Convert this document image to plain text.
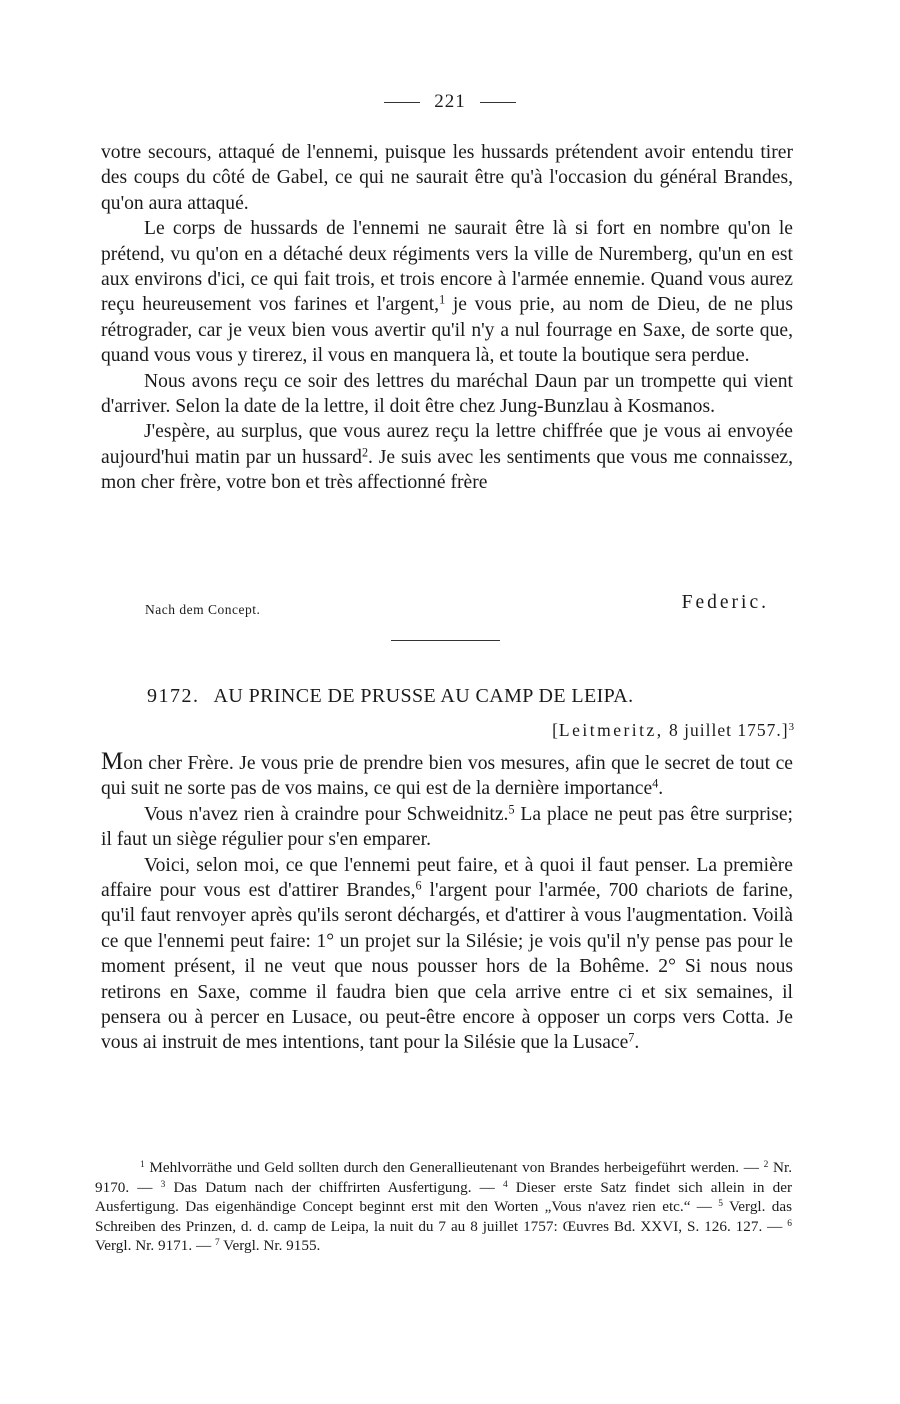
221
votre secours, attaqué de l'ennemi, puisque les hussards prétendent avoir entendu tirer des coups du côté de Gabel, ce qui ne saurait être qu'à l'occasion du général Brandes, qu'on aura attaqué.
Le corps de hussards de l'ennemi ne saurait être là si fort en nombre qu'on le prétend, vu qu'on en a détaché deux régiments vers la ville de Nuremberg, qu'un en est aux environs d'ici, ce qui fait trois, et trois encore à l'armée ennemie. Quand vous aurez reçu heureusement vos farines et l'argent,$^1$ je vous prie, au nom de Dieu, de ne plus rétrograder, car je veux bien vous avertir qu'il n'y a nul fourrage en Saxe, de sorte que, quand vous vous y tirerez, il vous en manquera là, et toute la boutique sera perdue.
Nous avons reçu ce soir des lettres du maréchal Daun par un trompette qui vient d'arriver. Selon la date de la lettre, il doit être chez Jung-Bunzlau à Kosmanos.
J'espère, au surplus, que vous aurez reçu la lettre chiffrée que je vous ai envoyée aujourd'hui matin par un hussard$^2$. Je suis avec les sentiments que vous me connaissez, mon cher frère, votre bon et très affectionné frère
Nach dem Concept.	Federic.
9172. AU PRINCE DE PRUSSE AU CAMP DE LEIPA.
[Leitmeritz, 8 juillet 1757.]$^3$
Mon cher Frère. Je vous prie de prendre bien vos mesures, afin que le secret de tout ce qui suit ne sorte pas de vos mains, ce qui est de la dernière importance$^4$.
Vous n'avez rien à craindre pour Schweidnitz.$^5$ La place ne peut pas être surprise; il faut un siège régulier pour s'en emparer.
Voici, selon moi, ce que l'ennemi peut faire, et à quoi il faut penser. La première affaire pour vous est d'attirer Brandes,$^6$ l'argent pour l'armée, 700 chariots de farine, qu'il faut renvoyer après qu'ils seront déchargés, et d'attirer à vous l'augmentation. Voilà ce que l'ennemi peut faire: 1° un projet sur la Silésie; je vois qu'il n'y pense pas pour le moment présent, il ne veut que nous pousser hors de la Bohême. 2° Si nous nous retirons en Saxe, comme il faudra bien que cela arrive entre ci et six semaines, il pensera ou à percer en Lusace, ou peut-être encore à opposer un corps vers Cotta. Je vous ai instruit de mes intentions, tant pour la Silésie que la Lusace$^7$.
$^1$ Mehlvorräthe und Geld sollten durch den Generallieutenant von Brandes herbeigeführt werden. — $^2$ Nr. 9170. — $^3$ Das Datum nach der chiffrirten Ausfertigung. — $^4$ Dieser erste Satz findet sich allein in der Ausfertigung. Das eigenhändige Concept beginnt erst mit den Worten „Vous n'avez rien etc.“ — $^5$ Vergl. das Schreiben des Prinzen, d. d. camp de Leipa, la nuit du 7 au 8 juillet 1757: Œuvres Bd. XXVI, S. 126. 127. — $^6$ Vergl. Nr. 9171. — $^7$ Vergl. Nr. 9155.
